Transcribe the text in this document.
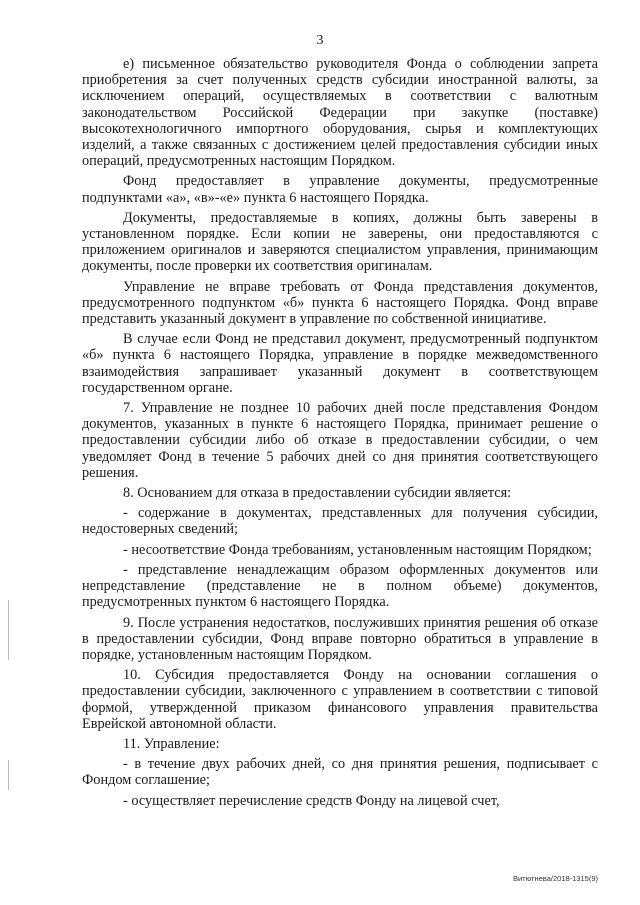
3

е) письменное обязательство руководителя Фонда о соблюдении запрета приобретения за счет полученных средств субсидии иностранной валюты, за исключением операций, осуществляемых в соответствии с валютным законодательством Российской Федерации при закупке (поставке) высокотехнологичного импортного оборудования, сырья и комплектующих изделий, а также связанных с достижением целей предоставления субсидии иных операций, предусмотренных настоящим Порядком.

Фонд предоставляет в управление документы, предусмотренные подпунктами «а», «в»-«е» пункта 6 настоящего Порядка.

Документы, предоставляемые в копиях, должны быть заверены в установленном порядке. Если копии не заверены, они предоставляются с приложением оригиналов и заверяются специалистом управления, принимающим документы, после проверки их соответствия оригиналам.

Управление не вправе требовать от Фонда представления документов, предусмотренного подпунктом «б» пункта 6 настоящего Порядка. Фонд вправе представить указанный документ в управление по собственной инициативе.

В случае если Фонд не представил документ, предусмотренный подпунктом «б» пункта 6 настоящего Порядка, управление в порядке межведомственного взаимодействия запрашивает указанный документ в соответствующем государственном органе.

7. Управление не позднее 10 рабочих дней после представления Фондом документов, указанных в пункте 6 настоящего Порядка, принимает решение о предоставлении субсидии либо об отказе в предоставлении субсидии, о чем уведомляет Фонд в течение 5 рабочих дней со дня принятия соответствующего решения.

8. Основанием для отказа в предоставлении субсидии является:

- содержание в документах, представленных для получения субсидии, недостоверных сведений;

- несоответствие Фонда требованиям, установленным настоящим Порядком;

- представление ненадлежащим образом оформленных документов или непредставление (представление не в полном объеме) документов, предусмотренных пунктом 6 настоящего Порядка.

9. После устранения недостатков, послуживших принятия решения об отказе в предоставлении субсидии, Фонд вправе повторно обратиться в управление в порядке, установленным настоящим Порядком.

10. Субсидия предоставляется Фонду на основании соглашения о предоставлении субсидии, заключенного с управлением в соответствии с типовой формой, утвержденной приказом финансового управления правительства Еврейской автономной области.

11. Управление:

- в течение двух рабочих дней, со дня принятия решения, подписывает с Фондом соглашение;

- осуществляет перечисление средств Фонду на лицевой счет,

Витютнева/2018-1315(9)
